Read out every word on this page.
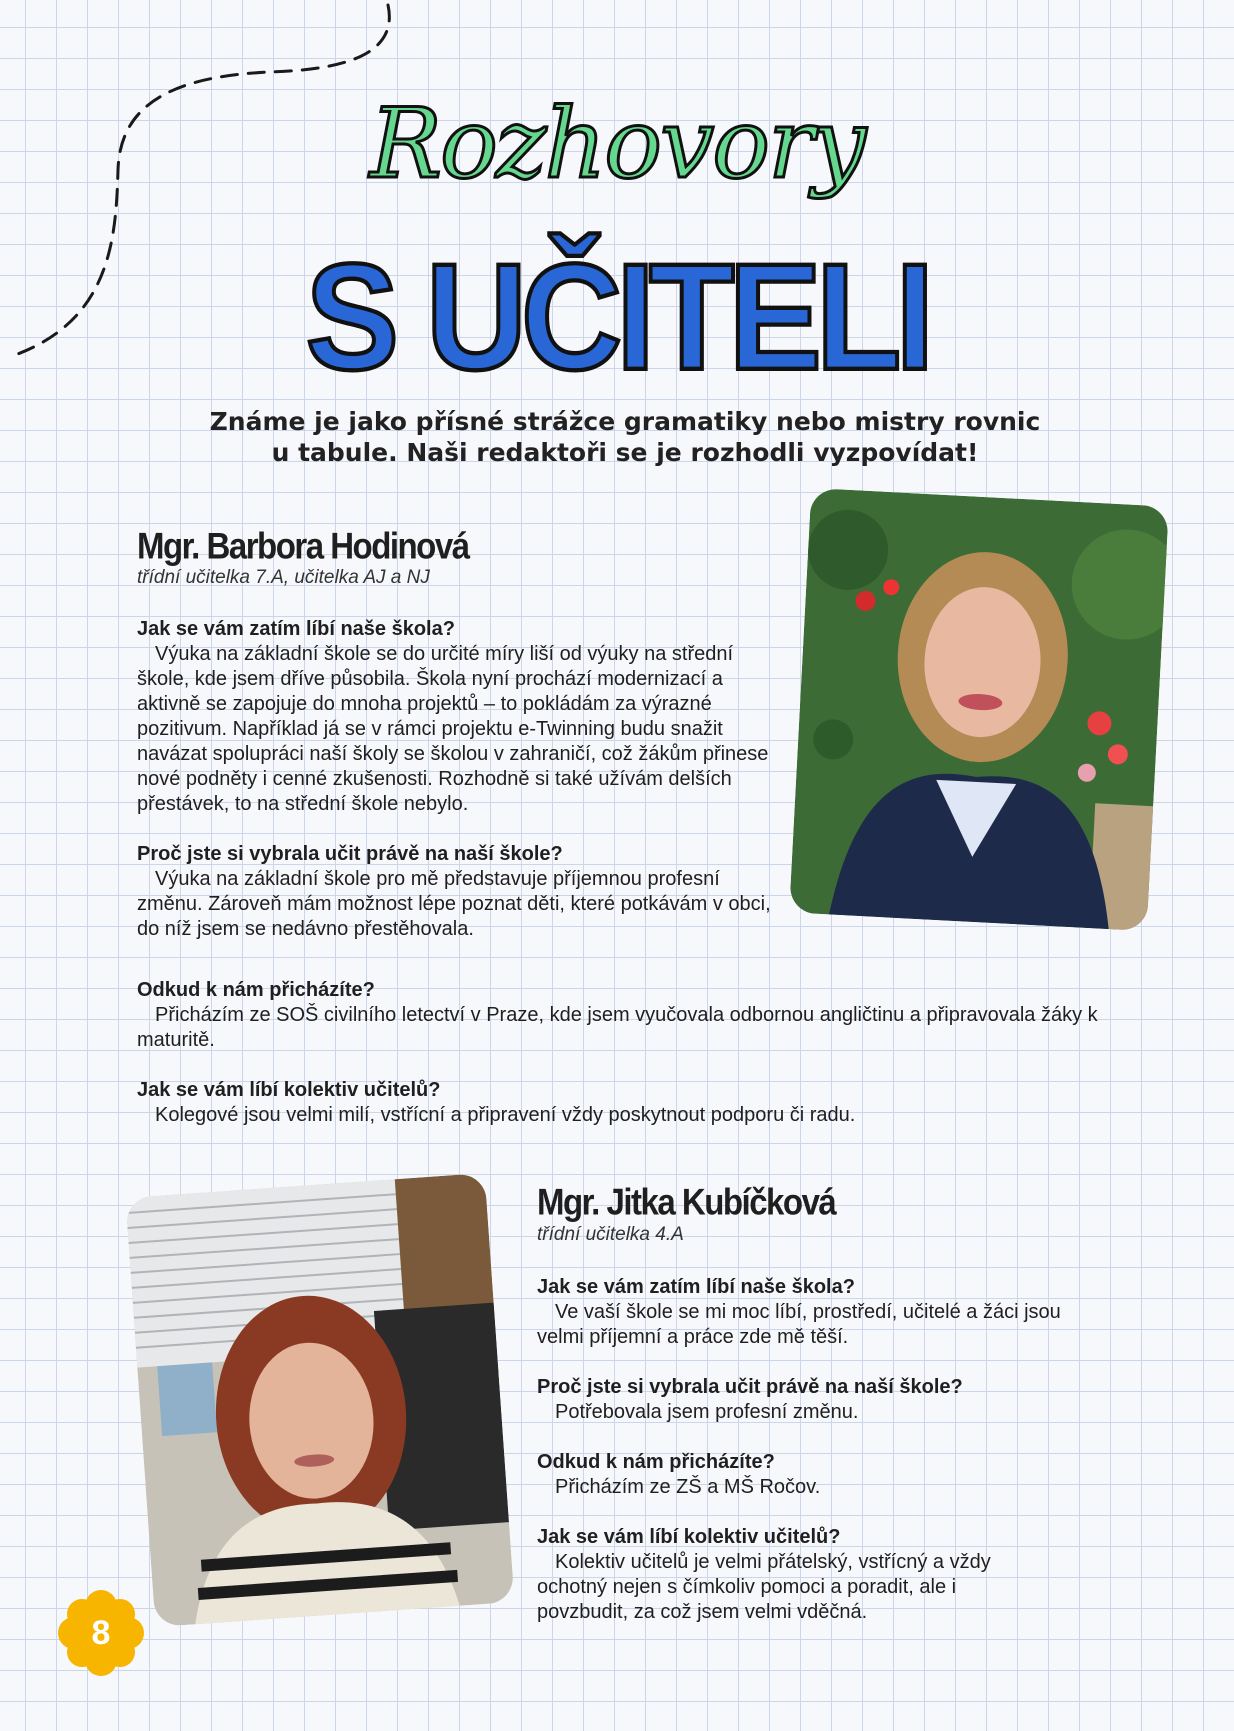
Rozhovory
S UČITELI
Známe je jako přísné strážce gramatiky nebo mistry rovnic
u tabule. Naši redaktoři se je rozhodli vyzpovídat!
Mgr. Barbora Hodinová
třídní učitelka 7.A, učitelka AJ a NJ
Jak se vám zatím líbí naše škola?
Výuka na základní škole se do určité míry liší od výuky na střední škole, kde jsem dříve působila. Škola nyní prochází modernizací a aktivně se zapojuje do mnoha projektů – to pokládám za výrazné pozitivum. Například já se v rámci projektu e-Twinning budu snažit navázat spolupráci naší školy se školou v zahraničí, což žákům přinese nové podněty i cenné zkušenosti. Rozhodně si také užívám delších přestávek, to na střední škole nebylo.
Proč jste si vybrala učit právě na naší škole?
Výuka na základní škole pro mě představuje příjemnou profesní změnu. Zároveň mám možnost lépe poznat děti, které potkávám v obci, do níž jsem se nedávno přestěhovala.
Odkud k nám přicházíte?
Přicházím ze SOŠ civilního letectví v Praze, kde jsem vyučovala odbornou angličtinu a připravovala žáky k maturitě.
Jak se vám líbí kolektiv učitelů?
Kolegové jsou velmi milí, vstřícní a připravení vždy poskytnout podporu či radu.
Mgr. Jitka Kubíčková
třídní učitelka 4.A
Jak se vám zatím líbí naše škola?
Ve vaší škole se mi moc líbí, prostředí, učitelé a žáci jsou velmi příjemní a práce zde mě těší.
Proč jste si vybrala učit právě na naší škole?
Potřebovala jsem profesní změnu.
Odkud k nám přicházíte?
Přicházím ze ZŠ a MŠ Ročov.
Jak se vám líbí kolektiv učitelů?
Kolektiv učitelů je velmi přátelský, vstřícný a vždy ochotný nejen s čímkoliv pomoci a poradit, ale i povzbudit, za což jsem velmi vděčná.
8
